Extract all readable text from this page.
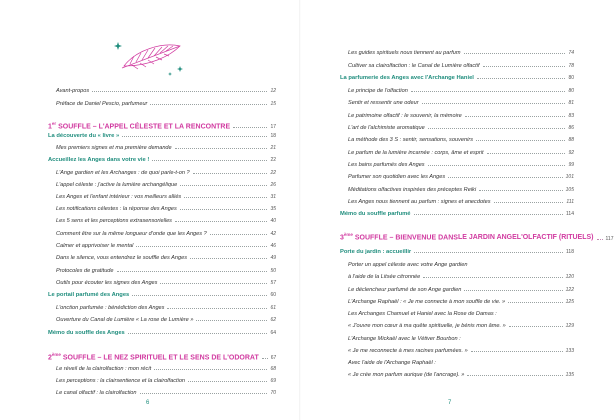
Avant-propos	12
Préface de Daniel Pescio, parfumeur	15
1er SOUFFLE – L'APPEL CÉLESTE ET LA RENCONTRE	17
La découverte du « livre »	18
Mes premiers signes et ma première demande	21
Accueillez les Anges dans votre vie !	22
L'Ange gardien et les Archanges : de quoi parle-t-on ?	22
L'appel céleste : j'active la lumière archangélique	26
Les Anges et l'enfant intérieur : vos meilleurs alliés	31
Les notifications célestes : la réponse des Anges	35
Les 5 sens et les perceptions extrasensorielles	40
Comment être sur la même longueur d'onde que les Anges ?	42
Calmer et apprivoiser le mental	46
Dans le silence, vous entendrez le souffle des Anges	49
Protocoles de gratitude	50
Outils pour écouter les signes des Anges	57
Le portail parfumé des Anges	60
L'onction parfumée : bénédiction des Anges	61
Ouverture du Canal de Lumière « La rose de Lumière »	62
Mémo du souffle des Anges	64
2ème SOUFFLE – LE NEZ SPIRITUEL ET LE SENS DE L'ODORAT 67
Le réveil de la clairolfaction : mon récit	68
Les perceptions : la clairsentience et la clairolfaction	69
Le canal olfactif : la clairolfaction	70
6
Les guides spirituels nous tiennent au parfum	74
Cultiver sa clairolfaction : le Canal de Lumière olfactif	78
La parfumerie des Anges avec l'Archange Haniel	80
Le principe de l'olfaction	80
Sentir et ressentir une odeur	81
Le patrimoine olfactif : le souvenir, la mémoire	83
L'art de l'alchimiste aromatique	86
La méthode des 3 S : sentir, sensations, souvenirs	88
Le parfum de la lumière incarnée : corps, âme et esprit	92
Les bains parfumés des Anges	99
Parfumer son quotidien avec les Anges	101
Méditations olfactives inspirées des préceptes Reiki	105
Les Anges nous tiennent au parfum : signes et anecdotes	111
Mémo du souffle parfumé	114
3ème SOUFFLE – BIENVENUE DANS LE JARDIN ANGEL'OLFACTIF (RITUELS) 117
Porte du jardin : accueillir	118
Porter un appel céleste avec votre Ange gardien
à l'aide de la Litsée citronnée	120
Le déclencheur parfumé de son Ange gardien	122
L'Archange Raphaël : « Je me connecte à mon souffle de vie. »	125
Les Archanges Chamuel et Haniel avec la Rose de Damas :
« J'ouvre mon cœur à ma quête spirituelle, je bénis mon âme. »	129
L'Archange Mickaël avec le Vétiver Bourbon :
« Je me reconnecte à mes racines parfumées. »	133
Avec l'aide de l'Archange Raphaël :
« Je crée mon parfum aurique (de l'ancrage). »	135
7
